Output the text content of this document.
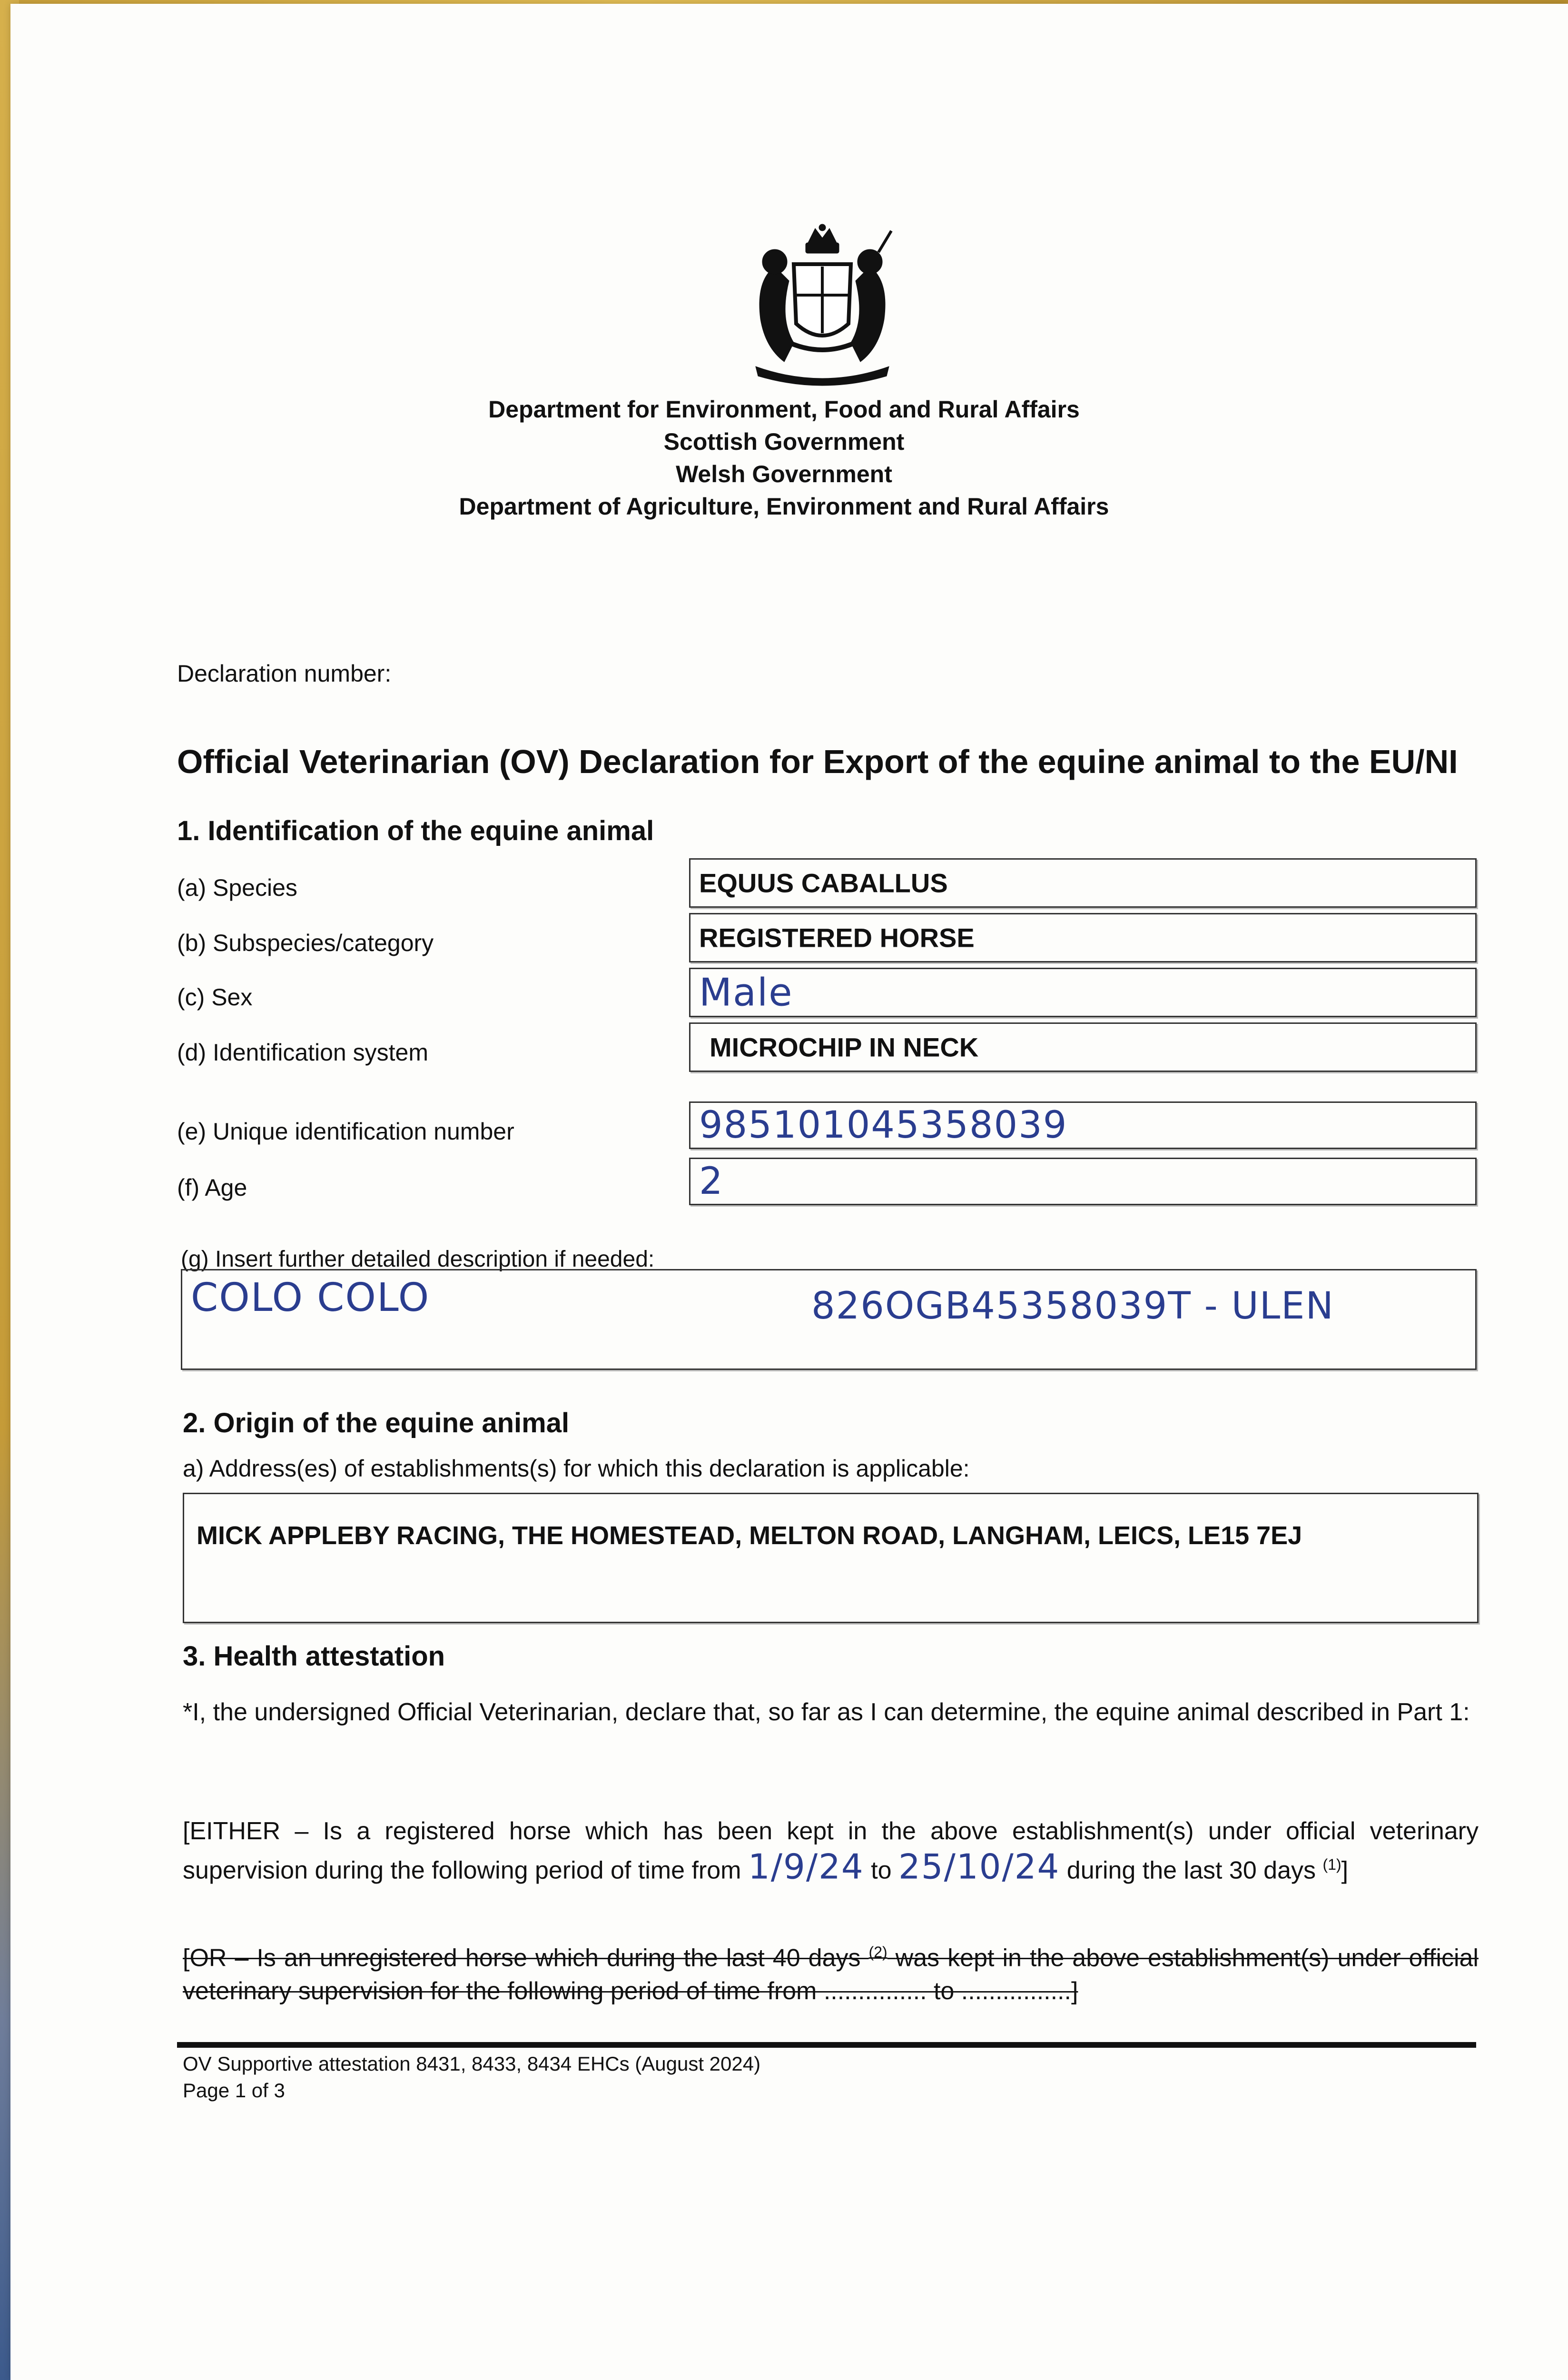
Department for Environment, Food and Rural Affairs
Scottish Government
Welsh Government
Department of Agriculture, Environment and Rural Affairs
Declaration number:
Official Veterinarian (OV) Declaration for Export of the equine animal to the EU/NI
1. Identification of the equine animal
(a) Species	EQUUS CABALLUS
(b) Subspecies/category	REGISTERED HORSE
(c) Sex	Male
(d) Identification system	MICROCHIP IN NECK
(e) Unique identification number	985101045358039
(f) Age	2
(g) Insert further detailed description if needed:
COLO COLO	826OGB45358039T - ULEN
2. Origin of the equine animal
a) Address(es) of establishments(s) for which this declaration is applicable:
MICK APPLEBY RACING, THE HOMESTEAD, MELTON ROAD, LANGHAM, LEICS, LE15 7EJ
3. Health attestation
*I, the undersigned Official Veterinarian, declare that, so far as I can determine, the equine animal described in Part 1:
[EITHER – Is a registered horse which has been kept in the above establishment(s) under official veterinary supervision during the following period of time from 1/9/24 to 25/10/24 during the last 30 days $^{(1)}$]
[OR – Is an unregistered horse which during the last 40 days $^{(2)}$ was kept in the above establishment(s) under official veterinary supervision for the following period of time from ............... to ................]
OV Supportive attestation 8431, 8433, 8434 EHCs (August 2024)
Page 1 of 3
